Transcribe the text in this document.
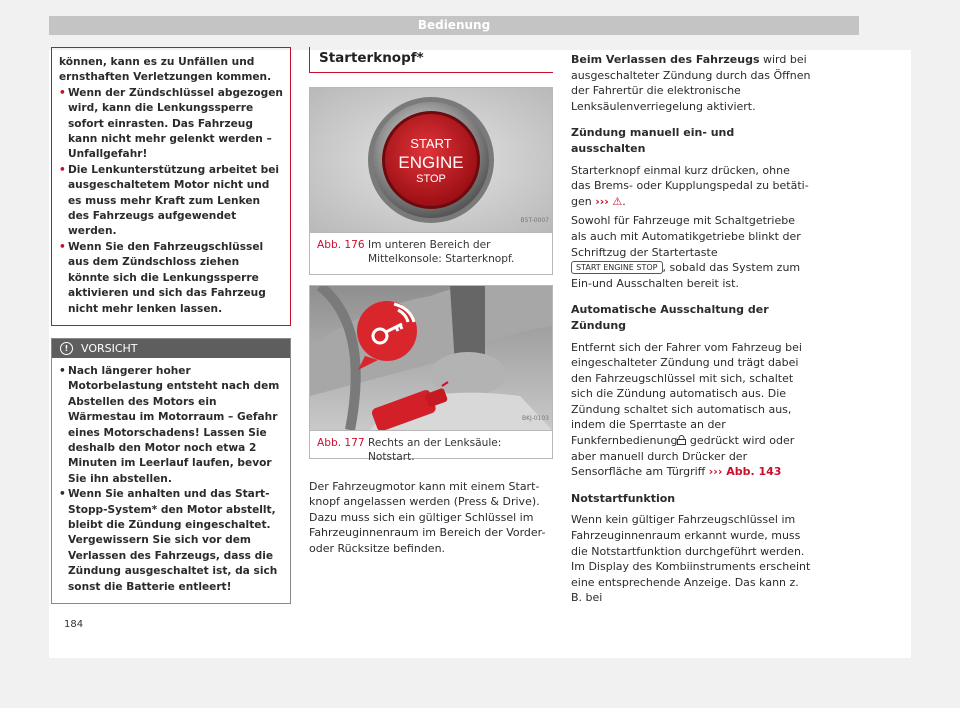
Bedienung

können, kann es zu Unfällen und ernsthaften Verletzungen kommen.

• Wenn der Zündschlüssel abgezogen wird, kann die Lenkungssperre sofort einrasten. Das Fahrzeug kann nicht mehr gelenkt werden – Unfallgefahr!
• Die Lenkunterstützung arbeitet bei ausgeschaltetem Motor nicht und es muss mehr Kraft zum Lenken des Fahrzeugs aufgewendet werden.
• Wenn Sie den Fahrzeugschlüssel aus dem Zündschloss ziehen könnte sich die Lenkungssperre aktivieren und sich das Fahrzeug nicht mehr lenken lassen.
!	VORSICHT
• Nach längerer hoher Motorbelastung entsteht nach dem Abstellen des Motors ein Wärmestau im Motorraum – Gefahr eines Motorschadens! Lassen Sie deshalb den Motor noch etwa 2 Minuten im Leerlauf laufen, bevor Sie ihn abstellen.
• Wenn Sie anhalten und das Start-Stopp-System* den Motor abstellt, bleibt die Zündung eingeschaltet. Vergewissern Sie sich vor dem Verlassen des Fahrzeugs, dass die Zündung ausgeschaltet ist, da sich sonst die Batterie entleert!
Starterknopf*
START
ENGINE
STOP
B5T-0007
Abb. 176 Im unteren Bereich der Mittelkonsole: Starterknopf.
BKJ-0103
Abb. 177 Rechts an der Lenksäule: Notstart.

Der Fahrzeugmotor kann mit einem Startknopf angelassen werden (Press & Drive). Dazu muss sich ein gültiger Schlüssel im Fahrzeuginnenraum im Bereich der Vorder- oder Rücksitze befinden.

Beim Verlassen des Fahrzeugs wird bei ausgeschalteter Zündung durch das Öffnen der Fahrertür die elektronische Lenksäulenverriegelung aktiviert.

Zündung manuell ein- und ausschalten

Starterknopf einmal kurz drücken, ohne das Brems- oder Kupplungspedal zu betätigen ››› ⚠.

Sowohl für Fahrzeuge mit Schaltgetriebe als auch mit Automatikgetriebe blinkt der Schriftzug der Startertaste START ENGINE STOP , sobald das System zum Ein-und Ausschalten bereit ist.

Automatische Ausschaltung der Zündung

Entfernt sich der Fahrer vom Fahrzeug bei eingeschalteter Zündung und trägt dabei den Fahrzeugschlüssel mit sich, schaltet sich die Zündung automatisch aus. Die Zündung schaltet sich automatisch aus, indem die Sperrtaste an der Funkfernbedienung gedrückt wird oder aber manuell durch Drücker der Sensorfläche am Türgriff ››› Abb. 143

Notstartfunktion

Wenn kein gültiger Fahrzeugschlüssel im Fahrzeuginnenraum erkannt wurde, muss die Notstartfunktion durchgeführt werden. Im Display des Kombiinstruments erscheint eine entsprechende Anzeige. Das kann z. B. bei

184
